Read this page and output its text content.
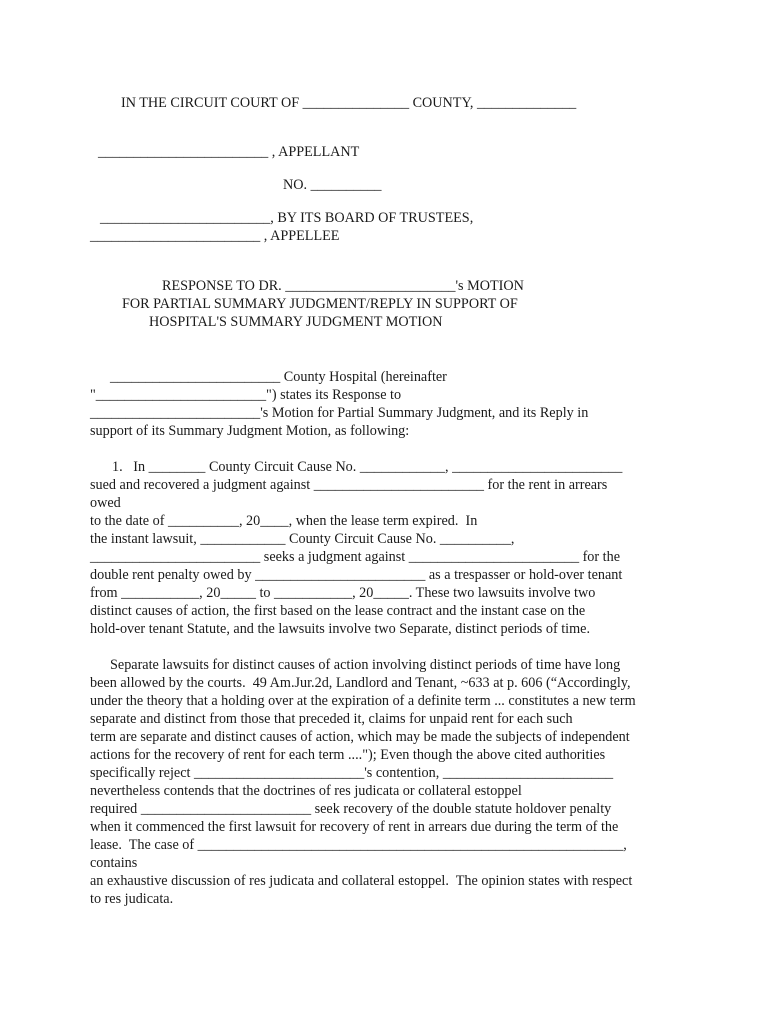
IN THE CIRCUIT COURT OF _______________ COUNTY, ______________
________________________ , APPELLANT
NO. __________
________________________, BY ITS BOARD OF TRUSTEES,
________________________ , APPELLEE
RESPONSE TO DR. ________________________'s MOTION
FOR PARTIAL SUMMARY JUDGMENT/REPLY IN SUPPORT OF
HOSPITAL'S SUMMARY JUDGMENT MOTION
________________________ County Hospital (hereinafter
"________________________") states its Response to
________________________'s Motion for Partial Summary Judgment, and its Reply in
support of its Summary Judgment Motion, as following:
1.   In ________ County Circuit Cause No. ____________, ________________________
sued and recovered a judgment against ________________________ for the rent in arrears
owed
to the date of __________, 20____, when the lease term expired.  In
the instant lawsuit, ____________ County Circuit Cause No. __________,
________________________ seeks a judgment against ________________________ for the
double rent penalty owed by ________________________ as a trespasser or hold-over tenant
from ___________, 20_____ to ___________, 20_____. These two lawsuits involve two
distinct causes of action, the first based on the lease contract and the instant case on the
hold-over tenant Statute, and the lawsuits involve two Separate, distinct periods of time.
Separate lawsuits for distinct causes of action involving distinct periods of time have long
been allowed by the courts.  49 Am.Jur.2d, Landlord and Tenant, ~633 at p. 606 (“Accordingly,
under the theory that a holding over at the expiration of a definite term ... constitutes a new term
separate and distinct from those that preceded it, claims for unpaid rent for each such
term are separate and distinct causes of action, which may be made the subjects of independent
actions for the recovery of rent for each term ...."); Even though the above cited authorities
specifically reject ________________________'s contention, ________________________
nevertheless contends that the doctrines of res judicata or collateral estoppel
required ________________________ seek recovery of the double statute holdover penalty
when it commenced the first lawsuit for recovery of rent in arrears due during the term of the
lease.  The case of ____________________________________________________________,
contains
an exhaustive discussion of res judicata and collateral estoppel.  The opinion states with respect
to res judicata.
